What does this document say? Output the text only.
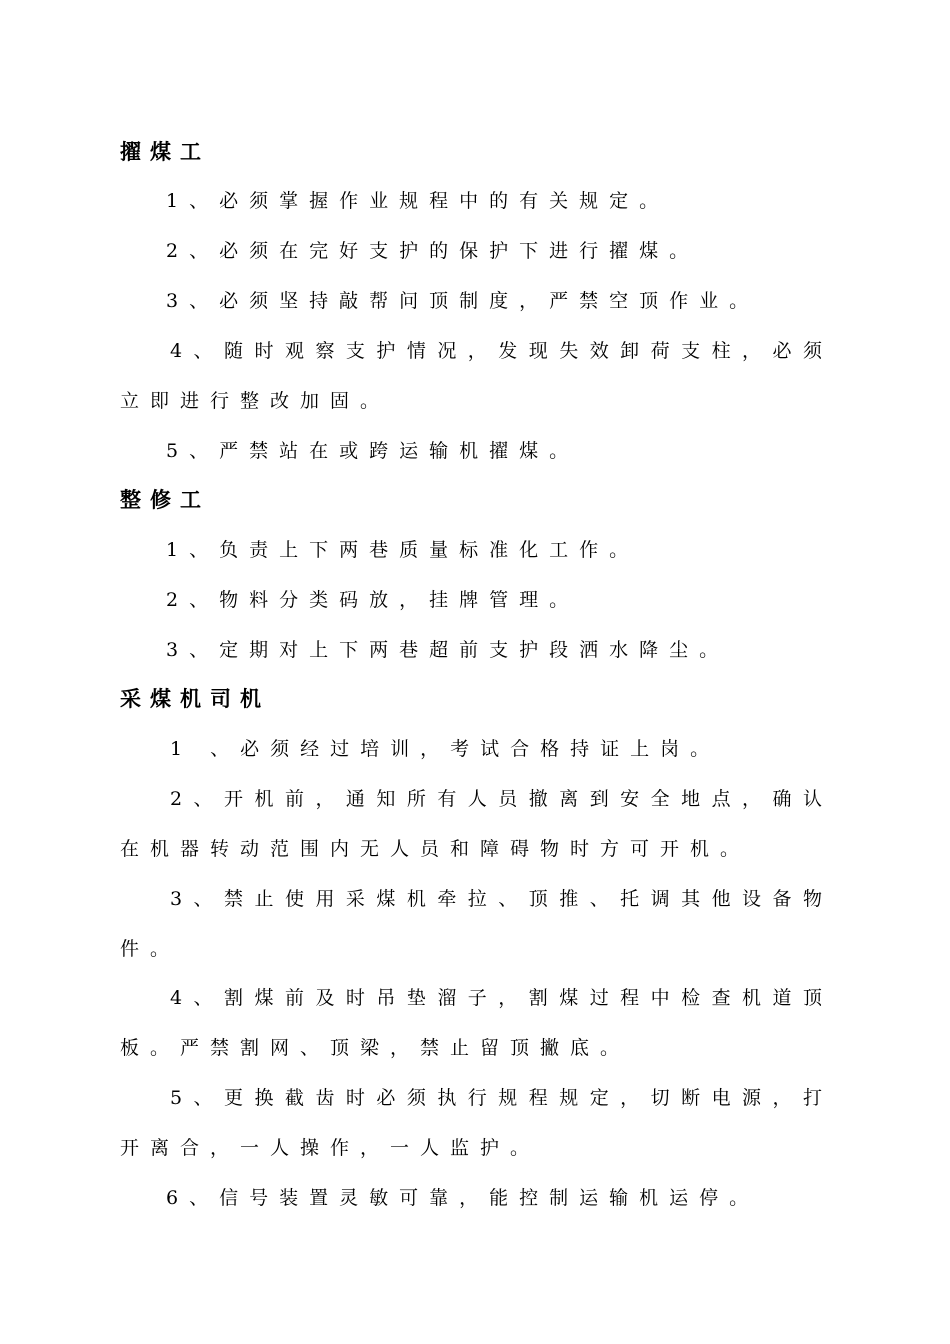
擢煤工

1、必须掌握作业规程中的有关规定。

2、必须在完好支护的保护下进行擢煤。

3、必须坚持敲帮问顶制度，严禁空顶作业。

4、随时观察支护情况，发现失效卸荷支柱，必须

立即进行整改加固。

5、严禁站在或跨运输机擢煤。

整修工

1、负责上下两巷质量标准化工作。

2、物料分类码放，挂牌管理。

3、定期对上下两巷超前支护段洒水降尘。

采煤机司机

1 、必须经过培训，考试合格持证上岗。

2、开机前，通知所有人员撤离到安全地点，确认

在机器转动范围内无人员和障碍物时方可开机。

3、禁止使用采煤机牵拉、顶推、托调其他设备物

件。

4、割煤前及时吊垫溜子，割煤过程中检查机道顶

板。严禁割网、顶梁，禁止留顶撇底。

5、更换截齿时必须执行规程规定，切断电源，打

开离合，一人操作，一人监护。

6、信号装置灵敏可靠，能控制运输机运停。
